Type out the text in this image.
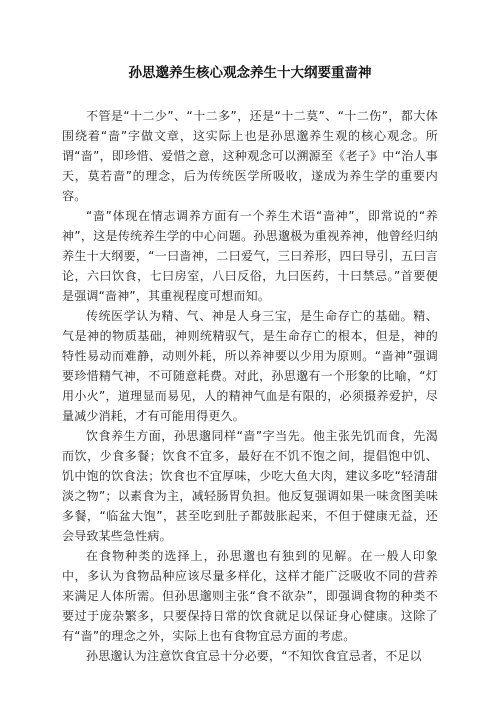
孙思邈养生核心观念养生十大纲要重啬神

不管是“十二少”、“十二多”，还是“十二莫”、“十二伤”，都大体围绕着“啬”字做文章，这实际上也是孙思邈养生观的核心观念。所谓“啬”，即珍惜、爱惜之意，这种观念可以溯源至《老子》中“治人事天，莫若啬”的理念，后为传统医学所吸收，遂成为养生学的重要内容。

“啬”体现在情志调养方面有一个养生术语“啬神”，即常说的“养神”，这是传统养生学的中心问题。孙思邈极为重视养神，他曾经归纳养生十大纲要，“一曰啬神，二曰爱气，三曰养形，四曰导引，五曰言论，六曰饮食，七曰房室，八曰反俗，九曰医药，十曰禁忌。”首要便是强调“啬神”，其重视程度可想而知。

传统医学认为精、气、神是人身三宝，是生命存亡的基础。精、气是神的物质基础，神则统精驭气，是生命存亡的根本，但是，神的特性易动而难静，动则外耗，所以养神要以少用为原则。“啬神”强调要珍惜精气神，不可随意耗费。对此，孙思邈有一个形象的比喻，“灯用小火”，道理显而易见，人的精神气血是有限的，必须摄养爱护，尽量减少消耗，才有可能用得更久。

饮食养生方面，孙思邈同样“啬”字当先。他主张先饥而食，先渴而饮，少食多餐；饮食不宜多，最好在不饥不饱之间，提倡饱中饥、饥中饱的饮食法；饮食也不宜厚味，少吃大鱼大肉，建议多吃“轻清甜淡之物”；以素食为主，减轻肠胃负担。他反复强调如果一味贪图美味多餐，“临盆大饱”，甚至吃到肚子都鼓胀起来，不但于健康无益，还会导致某些急性病。

在食物种类的选择上，孙思邈也有独到的见解。在一般人印象中，多认为食物品种应该尽量多样化，这样才能广泛吸收不同的营养来满足人体所需。但孙思邈则主张“食不欲杂”，即强调食物的种类不要过于庞杂繁多，只要保持日常的饮食就足以保证身心健康。这除了有“啬”的理念之外，实际上也有食物宜忌方面的考虑。

孙思邈认为注意饮食宜忌十分必要，“不知饮食宜忌者，不足以
